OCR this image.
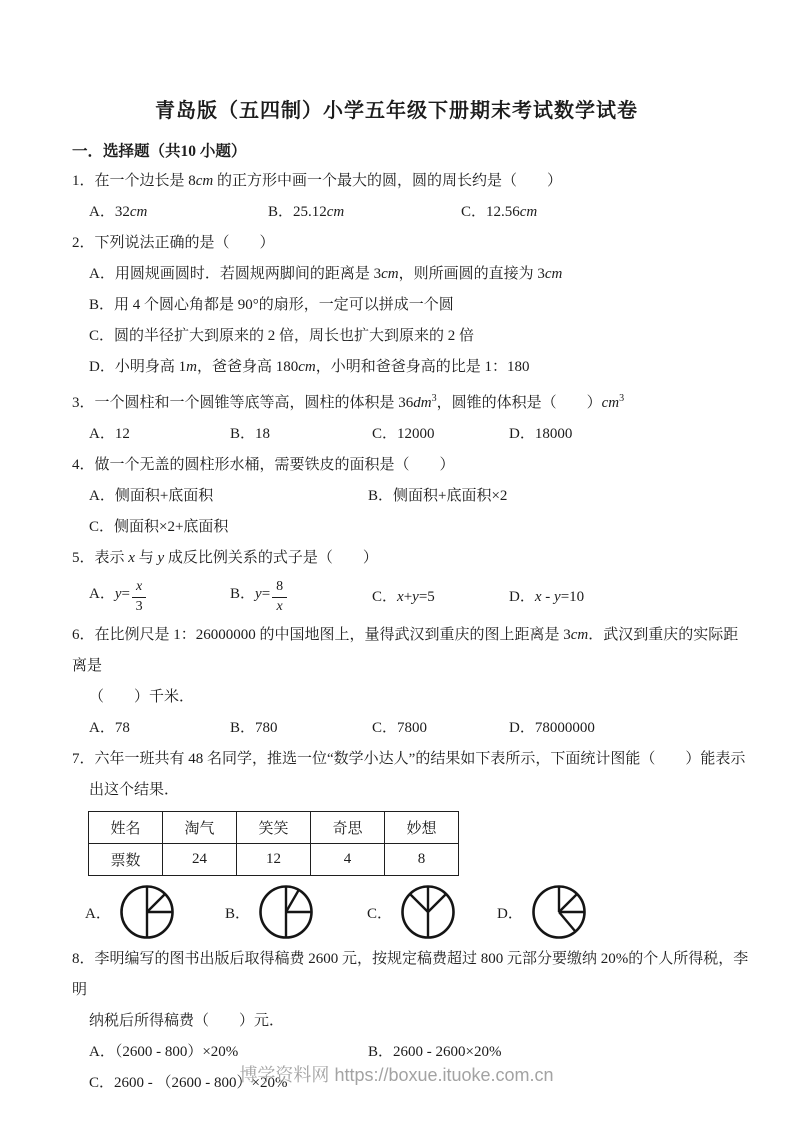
青岛版（五四制）小学五年级下册期末考试数学试卷
一．选择题（共10 小题）
1．在一个边长是 8cm 的正方形中画一个最大的圆，圆的周长约是（　　）
A．32cm	B．25.12cm	C．12.56cm
2．下列说法正确的是（　　）
A．用圆规画圆时．若圆规两脚间的距离是 3cm，则所画圆的直接为 3cm
B．用 4 个圆心角都是 90°的扇形，一定可以拼成一个圆
C．圆的半径扩大到原来的 2 倍，周长也扩大到原来的 2 倍
D．小明身高 1m，爸爸身高 180cm，小明和爸爸身高的比是 1：180
3．一个圆柱和一个圆锥等底等高，圆柱的体积是 $36dm^3$，圆锥的体积是（　　）$cm^3$
A．12	B．18	C．12000	D．18000
4．做一个无盖的圆柱形水桶，需要铁皮的面积是（　　）
A．侧面积+底面积	B．侧面积+底面积×2
C．侧面积×2+底面积
5．表示 x 与 y 成反比例关系的式子是（　　）
A．$y= \frac{x}{3}$	B．$y= \frac{8}{x}$	C．x+y=5	D．x - y=10
6．在比例尺是 1：26000000 的中国地图上，量得武汉到重庆的图上距离是 3cm．武汉到重庆的实际距离是
（　　）千米．
A．78	B．780	C．7800	D．78000000
7．六年一班共有 48 名同学，推选一位“数学小达人”的结果如下表所示，下面统计图能（　　）能表示
出这个结果．
姓名	淘气	笑笑	奇思	妙想
票数	24	12	4	8
A．	B．	C．	D．
8．李明编写的图书出版后取得稿费 2600 元，按规定稿费超过 800 元部分要缴纳 20%的个人所得税，李明
纳税后所得稿费（　　）元．
A．（2600 - 800）×20%	B．2600 - 2600×20%
C．2600 - （2600 - 800）×20%
博学资料网 https://boxue.ituoke.com.cn
